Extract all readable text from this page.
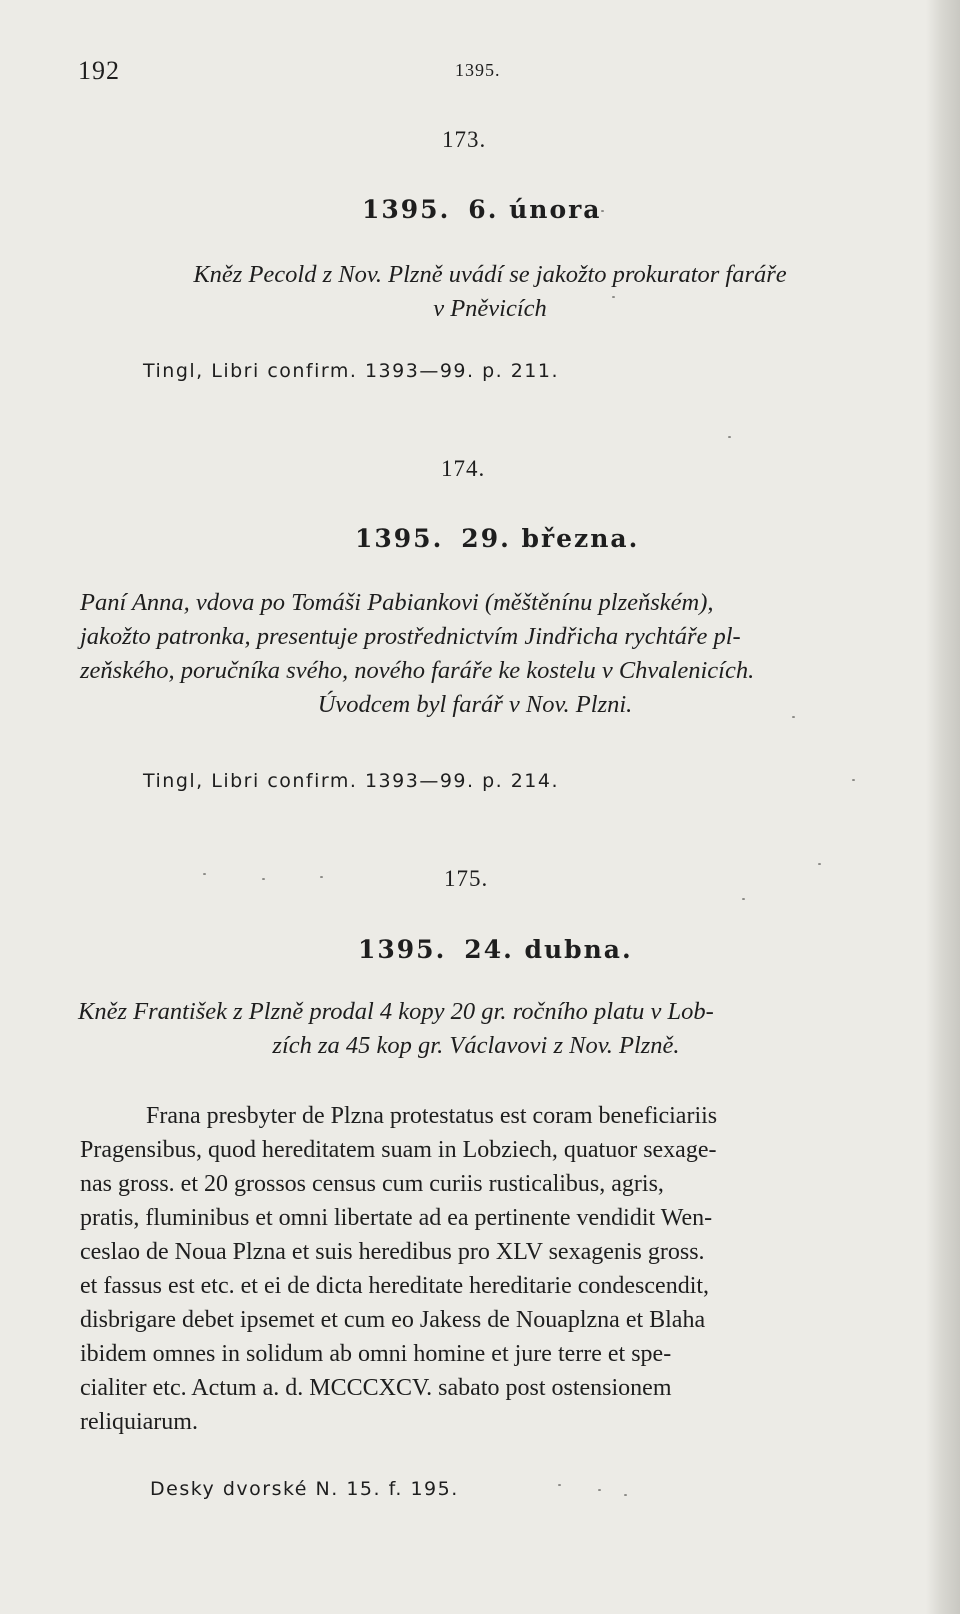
192	1395.
173.
1395. 6. února
Kněz Pecold z Nov. Plzně uvádí se jakožto prokurator faráře
v Pněvicích
Tingl, Libri confirm. 1393—99. p. 211.
174.
1395. 29. března.
Paní Anna, vdova po Tomáši Pabiankovi (měštěnínu plzeňském),
jakožto patronka, presentuje prostřednictvím Jindřicha rychtáře pl-
zeňského, poručníka svého, nového faráře ke kostelu v Chvalenicích.
Úvodcem byl farář v Nov. Plzni.
Tingl, Libri confirm. 1393—99. p. 214.
175.
1395. 24. dubna.
Kněz František z Plzně prodal 4 kopy 20 gr. ročního platu v Lob-
zích za 45 kop gr. Václavovi z Nov. Plzně.
Frana presbyter de Plzna protestatus est coram beneficiariis
Pragensibus, quod hereditatem suam in Lobziech, quatuor sexage-
nas gross. et 20 grossos census cum curiis rusticalibus, agris,
pratis, fluminibus et omni libertate ad ea pertinente vendidit Wen-
ceslao de Noua Plzna et suis heredibus pro XLV sexagenis gross.
et fassus est etc. et ei de dicta hereditate hereditarie condescendit,
disbrigare debet ipsemet et cum eo Jakess de Nouaplzna et Blaha
ibidem omnes in solidum ab omni homine et jure terre et spe-
cialiter etc. Actum a. d. MCCCXCV. sabato post ostensionem
reliquiarum.
Desky dvorské N. 15. f. 195.
